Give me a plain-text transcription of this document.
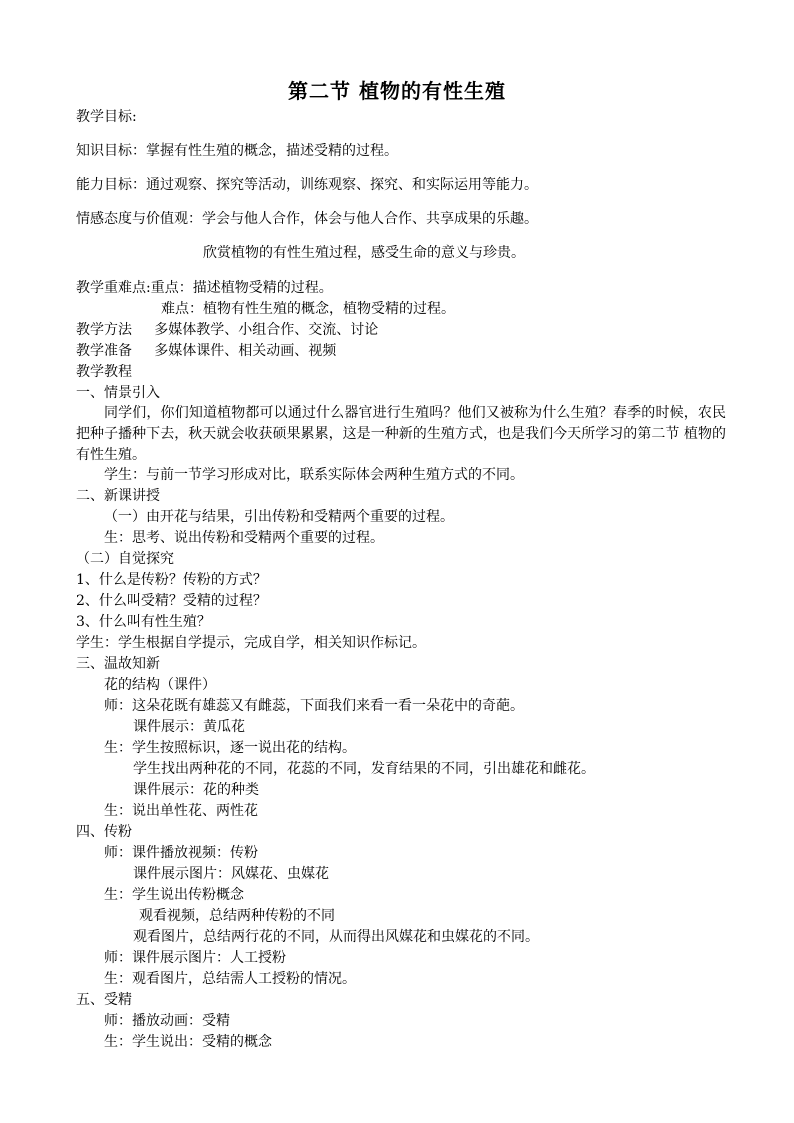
第二节 植物的有性生殖
教学目标:
知识目标：掌握有性生殖的概念，描述受精的过程。
能力目标：通过观察、探究等活动，训练观察、探究、和实际运用等能力。
情感态度与价值观：学会与他人合作，体会与他人合作、共享成果的乐趣。
欣赏植物的有性生殖过程，感受生命的意义与珍贵。
教学重难点:重点：描述植物受精的过程。
难点：植物有性生殖的概念，植物受精的过程。
教学方法     多媒体教学、小组合作、交流、讨论
教学准备     多媒体课件、相关动画、视频
教学教程
一、情景引入
同学们，你们知道植物都可以通过什么器官进行生殖吗？他们又被称为什么生殖？春季的时候，农民把种子播种下去，秋天就会收获硕果累累，这是一种新的生殖方式，也是我们今天所学习的第二节 植物的有性生殖。
学生：与前一节学习形成对比，联系实际体会两种生殖方式的不同。
二、新课讲授
（一）由开花与结果，引出传粉和受精两个重要的过程。
生：思考、说出传粉和受精两个重要的过程。
（二）自觉探究
1、什么是传粉？传粉的方式？
2、什么叫受精？受精的过程？
3、什么叫有性生殖？
学生：学生根据自学提示，完成自学，相关知识作标记。
三、温故知新
花的结构（课件）
师：这朵花既有雄蕊又有雌蕊，下面我们来看一看一朵花中的奇葩。
课件展示：黄瓜花
生：学生按照标识，逐一说出花的结构。
学生找出两种花的不同，花蕊的不同，发育结果的不同，引出雄花和雌花。
课件展示：花的种类
生：说出单性花、两性花
四、传粉
师：课件播放视频：传粉
课件展示图片：风媒花、虫媒花
生：学生说出传粉概念
观看视频，总结两种传粉的不同
观看图片，总结两行花的不同，从而得出风媒花和虫媒花的不同。
师：课件展示图片：人工授粉
生：观看图片，总结需人工授粉的情况。
五、受精
师：播放动画：受精
生：学生说出：受精的概念
